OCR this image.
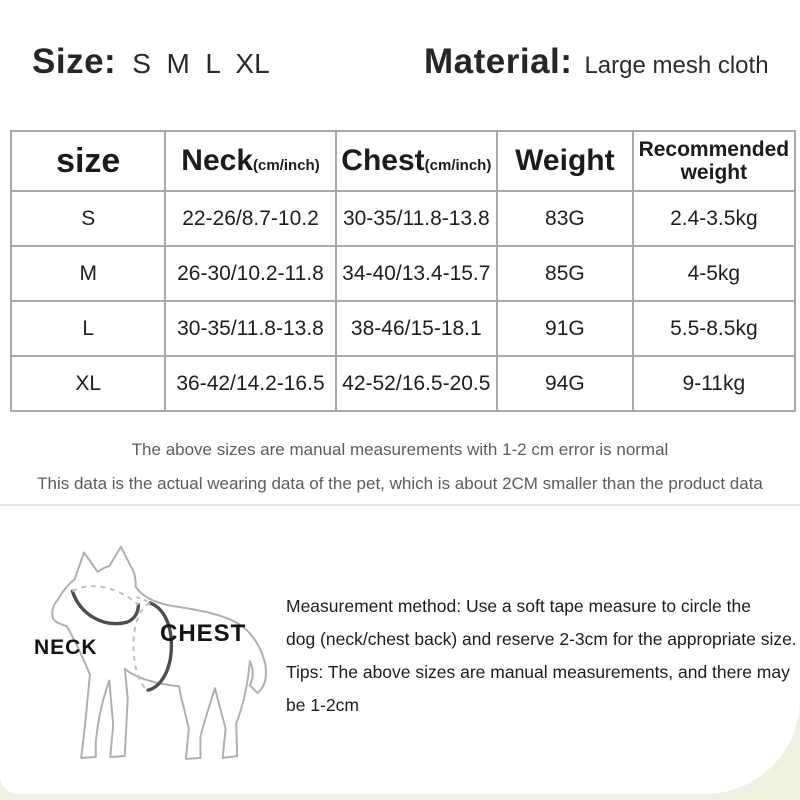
Size: S  M  L  XL	Material: Large mesh cloth
size	Neck(cm/inch)	Chest(cm/inch)	Weight	Recommended weight
S	22-26/8.7-10.2	30-35/11.8-13.8	83G	2.4-3.5kg
M	26-30/10.2-11.8	34-40/13.4-15.7	85G	4-5kg
L	30-35/11.8-13.8	38-46/15-18.1	91G	5.5-8.5kg
XL	36-42/14.2-16.5	42-52/16.5-20.5	94G	9-11kg
The above sizes are manual measurements with 1-2 cm error is normal
This data is the actual wearing data of the pet, which is about 2CM smaller than the product data
NECK
CHEST
Measurement method: Use a soft tape measure to circle the
dog (neck/chest back) and reserve 2-3cm for the appropriate size.
Tips: The above sizes are manual measurements, and there may be 1-2cm
